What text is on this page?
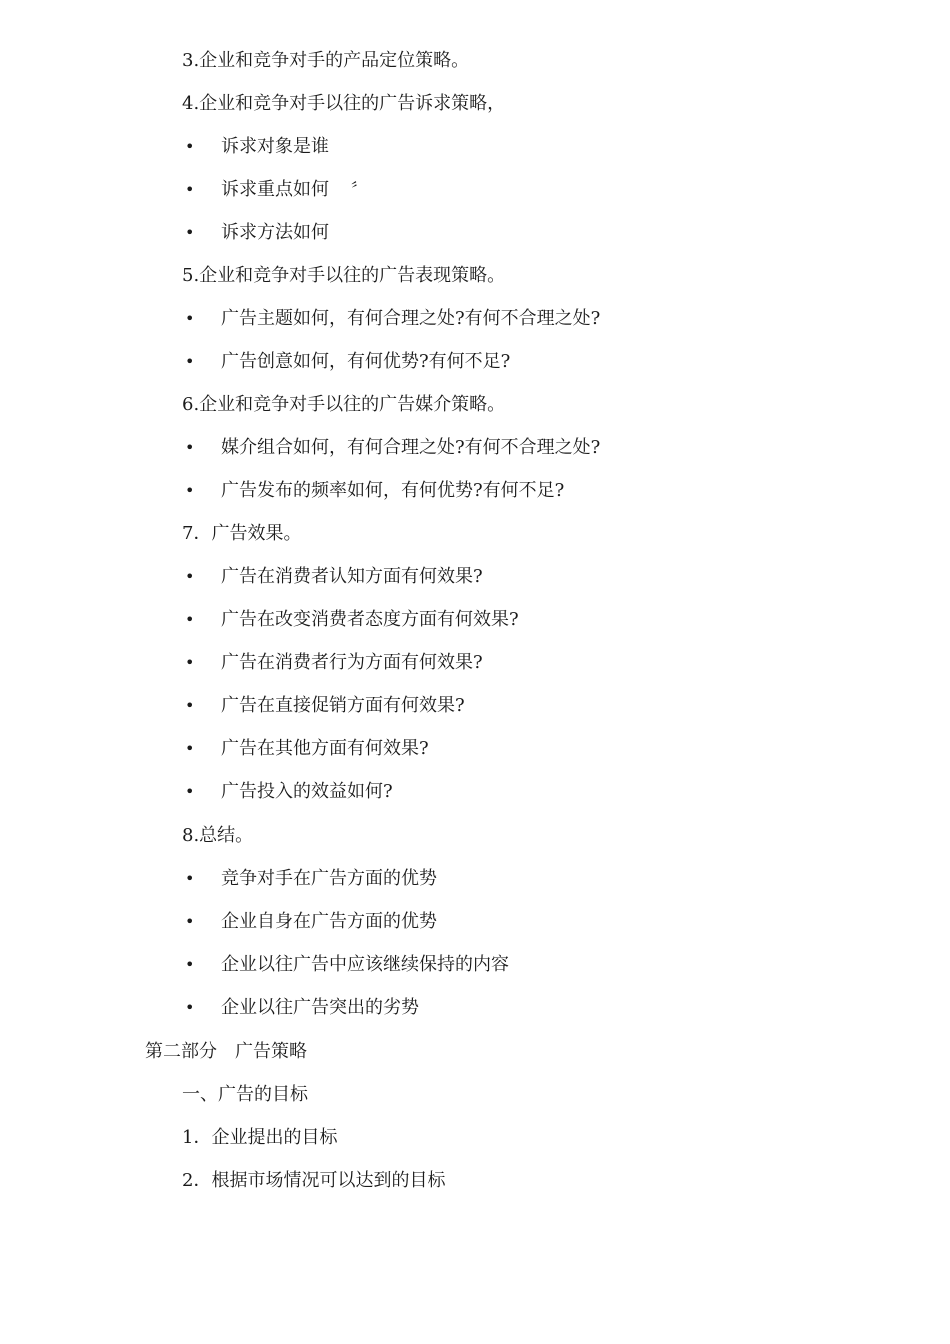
3.企业和竞争对手的产品定位策略。
4.企业和竞争对手以往的广告诉求策略，
• 诉求对象是谁
• 诉求重点如何 〞
• 诉求方法如何
5.企业和竞争对手以往的广告表现策略。
• 广告主题如何，有何合理之处?有何不合理之处?
• 广告创意如何，有何优势?有何不足?
6.企业和竞争对手以往的广告媒介策略。
• 媒介组合如何，有何合理之处?有何不合理之处?
• 广告发布的频率如何，有何优势?有何不足?
7．广告效果。
• 广告在消费者认知方面有何效果?
• 广告在改变消费者态度方面有何效果?
• 广告在消费者行为方面有何效果?
• 广告在直接促销方面有何效果?
• 广告在其他方面有何效果?
• 广告投入的效益如何?
8.总结。
• 竞争对手在广告方面的优势
• 企业自身在广告方面的优势
• 企业以往广告中应该继续保持的内容
• 企业以往广告突出的劣势
第二部分　广告策略
一、广告的目标
1．企业提出的目标
2．根据市场情况可以达到的目标
